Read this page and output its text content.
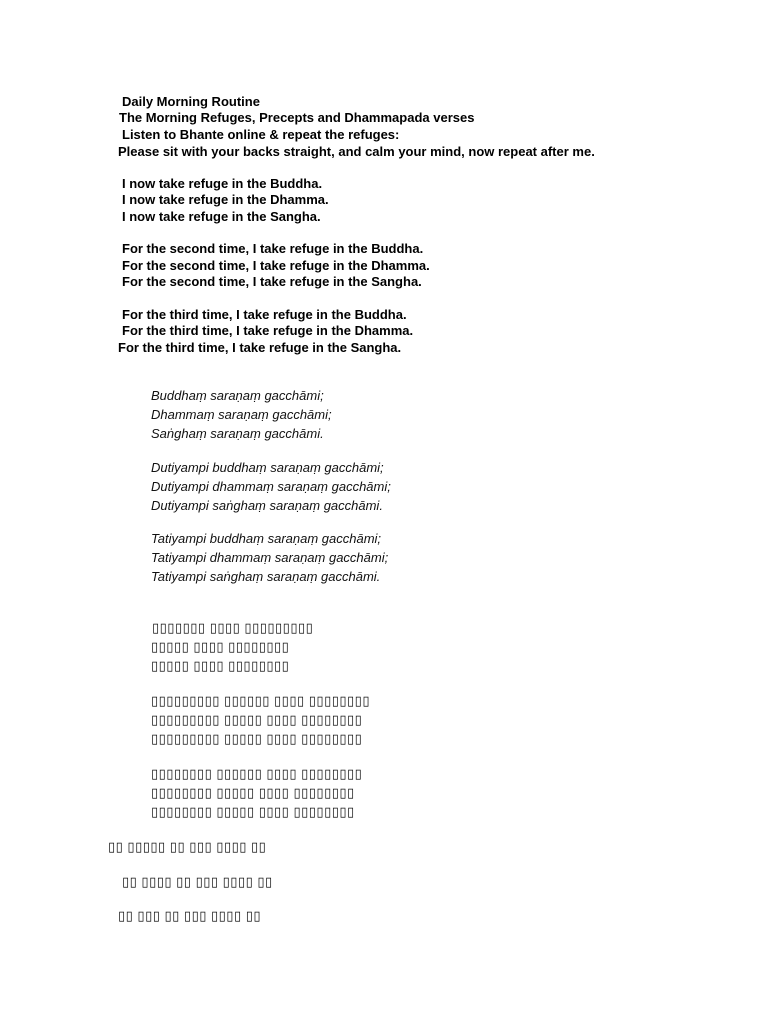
Daily Morning Routine
The Morning Refuges, Precepts and Dhammapada verses
Listen to Bhante online & repeat the refuges:
Please sit with your backs straight, and calm your mind, now repeat after me.
I now take refuge in the Buddha.
I now take refuge in the Dhamma.
I now take refuge in the Sangha.
For the second time, I take refuge in the Buddha.
For the second time, I take refuge in the Dhamma.
For the second time, I take refuge in the Sangha.
For the third time, I take refuge in the Buddha.
For the third time, I take refuge in the Dhamma.
For the third time, I take refuge in the Sangha.
Buddhaṃ saraṇaṃ gacchāmi;
Dhammaṃ saraṇaṃ gacchāmi;
Saṅghaṃ saraṇaṃ gacchāmi.
Dutiyampi buddhaṃ saraṇaṃ gacchāmi;
Dutiyampi dhammaṃ saraṇaṃ gacchāmi;
Dutiyampi saṅghaṃ saraṇaṃ gacchāmi.
Tatiyampi buddhaṃ saraṇaṃ gacchāmi;
Tatiyampi dhammaṃ saraṇaṃ gacchāmi;
Tatiyampi saṅghaṃ saraṇaṃ gacchāmi.
▯▯▯▯▯▯▯ ▯▯▯▯ ▯▯▯▯▯▯▯▯▯
▯▯▯▯▯ ▯▯▯▯ ▯▯▯▯▯▯▯▯
▯▯▯▯▯ ▯▯▯▯ ▯▯▯▯▯▯▯▯
▯▯▯▯▯▯▯▯▯ ▯▯▯▯▯▯ ▯▯▯▯ ▯▯▯▯▯▯▯▯
▯▯▯▯▯▯▯▯▯ ▯▯▯▯▯ ▯▯▯▯ ▯▯▯▯▯▯▯▯
▯▯▯▯▯▯▯▯▯ ▯▯▯▯▯ ▯▯▯▯ ▯▯▯▯▯▯▯▯
▯▯▯▯▯▯▯▯ ▯▯▯▯▯▯ ▯▯▯▯ ▯▯▯▯▯▯▯▯
▯▯▯▯▯▯▯▯ ▯▯▯▯▯ ▯▯▯▯ ▯▯▯▯▯▯▯▯
▯▯▯▯▯▯▯▯ ▯▯▯▯▯ ▯▯▯▯ ▯▯▯▯▯▯▯▯
▯▯ ▯▯▯▯▯ ▯▯ ▯▯▯ ▯▯▯▯ ▯▯
▯▯ ▯▯▯▯ ▯▯ ▯▯▯ ▯▯▯▯ ▯▯
▯▯ ▯▯▯ ▯▯ ▯▯▯ ▯▯▯▯ ▯▯
